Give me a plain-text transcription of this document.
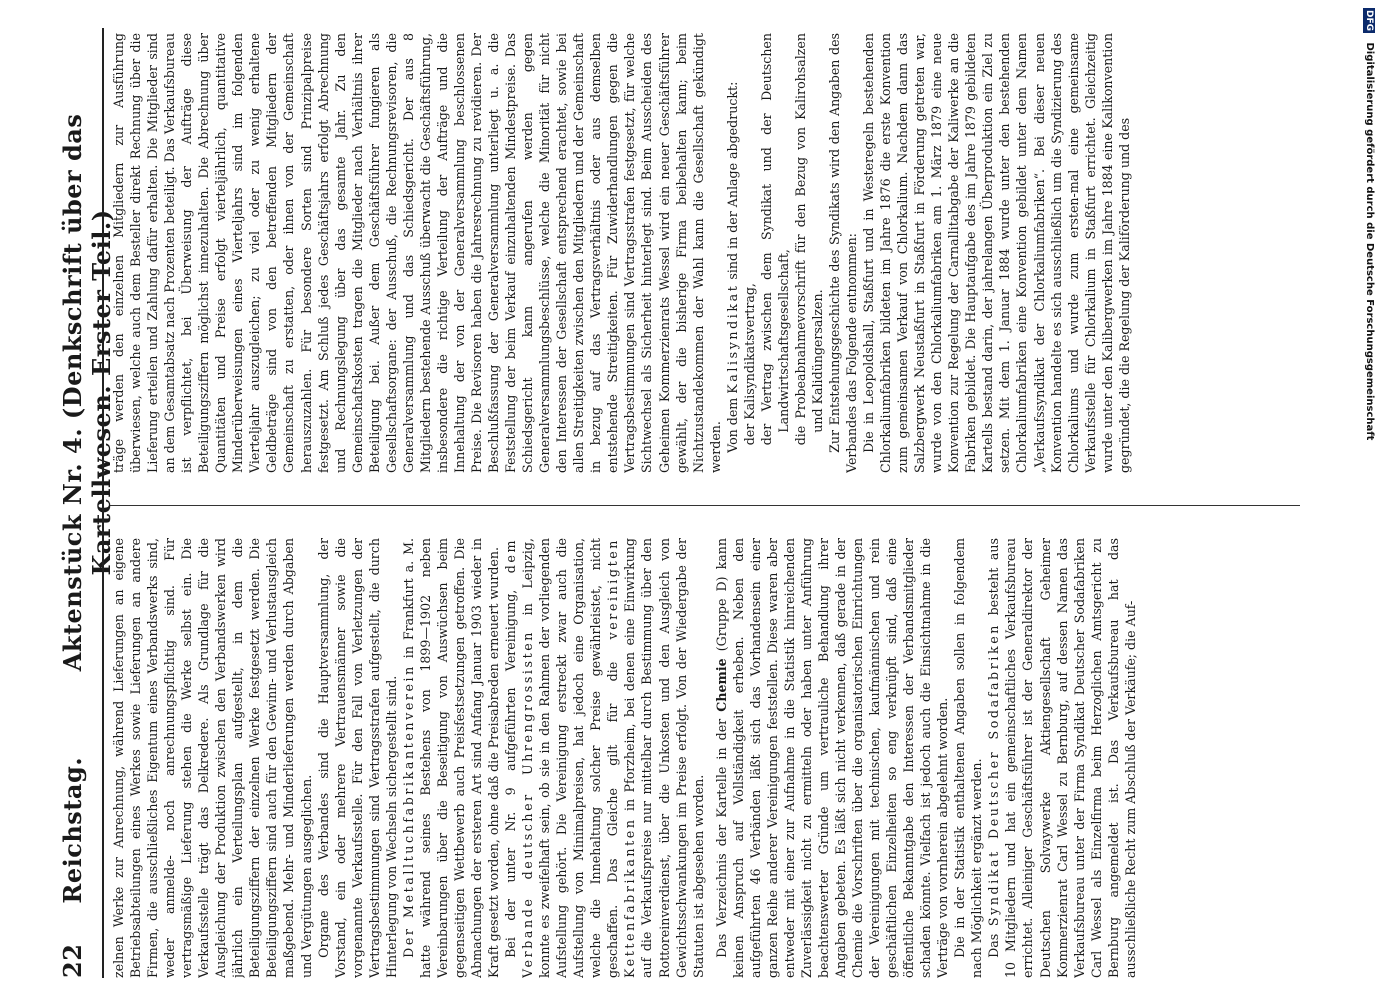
22
Reichstag.
Aktenstück Nr. 4. (Denkschrift über das Kartellwesen. Erster Teil.)

zelnen Werke zur Anrechnung, während Lieferungen an eigene Betriebsabteilungen eines Werkes sowie Lieferungen an andere Firmen, die ausschließliches Eigentum eines Verbandswerks sind, weder anmelde- noch anrechnungspflichtig sind. Für vertragsmäßige Lieferung stehen die Werke selbst ein. Die Verkaufsstelle trägt das Delkredere. Als Grundlage für die Ausgleichung der Produktion zwischen den Verbandswerken wird jährlich ein Verteilungsplan aufgestellt, in dem die Beteiligungsziffern der einzelnen Werke festgesetzt werden. Die Beteiligungsziffern sind auch für den Gewinn- und Verlustausgleich maßgebend. Mehr- und Minderlieferungen werden durch Abgaben und Vergütungen ausgeglichen. Organe des Verbandes sind die Hauptversammlung, der Vorstand, ein oder mehrere Vertrauensmänner sowie die vorgenannte Verkaufsstelle. Für den Fall von Verletzungen der Vertragsbestimmungen sind Vertragsstrafen aufgestellt, die durch Hinterlegung von Wechseln sichergestellt sind. Der Metalltuchfabrikantenverein in Frankfurt a. M. hatte während seines Bestehens von 1899—1902 neben Vereinbarungen über die Beseitigung von Auswüchsen beim gegenseitigen Wettbewerb auch Preisfestsetzungen getroffen. Die Abmachungen der ersteren Art sind Anfang Januar 1903 wieder in Kraft gesetzt worden, ohne daß die Preisabreden erneuert wurden. Bei der unter Nr. 9 aufgeführten Vereinigung, dem Verbande deutscher Uhrengrossisten in Leipzig, konnte es zweifelhaft sein, ob sie in den Rahmen der vorliegenden Aufstellung gehört. Die Vereinigung erstreckt zwar auch die Aufstellung von Minimalpreisen, hat jedoch eine Organisation, welche die Innehaltung solcher Preise gewährleistet, nicht geschaffen. Das Gleiche gilt für die vereinigten Kettenfabrikanten in Pforzheim, bei denen eine Einwirkung auf die Verkaufspreise nur mittelbar durch Bestimmung über den Rottoreinverdienst, über die Unkosten und den Ausgleich von Gewichtsschwankungen im Preise erfolgt. Von der Wiedergabe der Statuten ist abgesehen worden. Das Verzeichnis der Kartelle in der Chemie (Gruppe D) kann keinen Anspruch auf Vollständigkeit erheben. Neben den aufgeführten 46 Verbänden läßt sich das Vorhandensein einer ganzen Reihe anderer Vereinigungen feststellen. Diese waren aber entweder mit einer zur Aufnahme in die Statistik hinreichenden Zuverlässigkeit nicht zu ermitteln oder haben unter Anführung beachtenswerter Gründe um vertrauliche Behandlung ihrer Angaben gebeten. Es läßt sich nicht verkennen, daß gerade in der Chemie die Vorschriften über die organisatorischen Einrichtungen der Vereinigungen mit technischen, kaufmännischen und rein geschäftlichen Einzelheiten so eng verknüpft sind, daß eine öffentliche Bekanntgabe den Interessen der Verbandsmitglieder schaden könnte. Vielfach ist jedoch auch die Einsichtnahme in die Verträge von vornherein abgelehnt worden. Die in der Statistik enthaltenen Angaben sollen in folgendem nach Möglichkeit ergänzt werden. Das Syndikat Deutscher Sodafabriken besteht aus 10 Mitgliedern und hat ein gemeinschaftliches Verkaufsbureau errichtet. Alleiniger Geschäftsführer ist der Generaldirektor der Deutschen Solvaywerke Aktiengesellschaft Geheimer Kommerzienrat Carl Wessel zu Bernburg, auf dessen Namen das Verkaufsbureau unter der Firma Syndikat Deutscher Sodafabriken Carl Wessel als Einzelfirma beim Herzoglichen Amtsgericht zu Bernburg angemeldet ist. Das Verkaufsbureau hat das ausschließliche Recht zum Abschluß der Verkäufe; die Auf-

träge werden den einzelnen Mitgliedern zur Ausführung überwiesen, welche auch dem Besteller direkt Rechnung über die Lieferung erteilen und Zahlung dafür erhalten. Die Mitglieder sind an dem Gesamtabsatz nach Prozenten beteiligt. Das Verkaufsbureau ist verpflichtet, bei Überweisung der Aufträge diese Beteiligungsziffern möglichst innezuhalten. Die Abrechnung über Quantitäten und Preise erfolgt vierteljährlich, quantitative Minderüberweisungen eines Vierteljahrs sind im folgenden Vierteljahr auszugleichen; zu viel oder zu wenig erhaltene Geldbeträge sind von den betreffenden Mitgliedern der Gemeinschaft zu erstatten, oder ihnen von der Gemeinschaft herauszuzahlen. Für besondere Sorten sind Prinzipalpreise festgesetzt. Am Schluß jedes Geschäftsjahrs erfolgt Abrechnung und Rechnungslegung über das gesamte Jahr. Zu den Gemeinschaftskosten tragen die Mitglieder nach Verhältnis ihrer Beteiligung bei. Außer dem Geschäftsführer fungieren als Gesellschaftsorgane: der Ausschuß, die Rechnungsrevisoren, die Generalversammlung und das Schiedsgericht. Der aus 8 Mitgliedern bestehende Ausschuß überwacht die Geschäftsführung, insbesondere die richtige Verteilung der Aufträge und die Innehaltung der von der Generalversammlung beschlossenen Preise. Die Revisoren haben die Jahresrechnung zu revidieren. Der Beschlußfassung der Generalversammlung unterliegt u. a. die Feststellung der beim Verkauf einzuhaltenden Mindestpreise. Das Schiedsgericht kann angerufen werden gegen Generalversammlungsbeschlüsse, welche die Minorität für nicht den Interessen der Gesellschaft entsprechend erachtet, sowie bei allen Streitigkeiten zwischen den Mitgliedern und der Gemeinschaft in bezug auf das Vertragsverhältnis oder aus demselben entstehende Streitigkeiten. Für Zuwiderhandlungen gegen die Vertragsbestimmungen sind Vertragsstrafen festgesetzt, für welche Sichtwechsel als Sicherheit hinterlegt sind. Beim Ausscheiden des Geheimen Kommerzienrats Wessel wird ein neuer Geschäftsführer gewählt, der die bisherige Firma beibehalten kann; beim Nichtzustandekommen der Wahl kann die Gesellschaft gekündigt werden. Von dem Kalisyndikat sind in der Anlage abgedruckt:

der Kalisyndikatsvertrag, der Vertrag zwischen dem Syndikat und der Deutschen Landwirtschaftsgesellschaft, die Probeabnahmevorschrift für den Bezug von Kalirohsalzen und Kalidüngersalzen. Zur Entstehungsgeschichte des Syndikats wird den Angaben des Verbandes das Folgende entnommen: Die in Leopoldshall, Staßfurt und in Westeregeln bestehenden Chlorkaliumfabriken bildeten im Jahre 1876 die erste Konvention zum gemeinsamen Verkauf von Chlorkalium. Nachdem dann das Salzbergwerk Neustaßfurt in Staßfurt in Förderung getreten war, wurde von den Chlorkaliumfabriken am 1. März 1879 eine neue Konvention zur Regelung der Carnallitabgabe der Kaliwerke an die Fabriken gebildet. Die Hauptaufgabe des im Jahre 1879 gebildeten Kartells bestand darin, der jahrelangen Überproduktion ein Ziel zu setzen. Mit dem 1. Januar 1884 wurde unter den bestehenden Chlorkaliumfabriken eine Konvention gebildet unter dem Namen „Verkaufssyndikat der Chlorkaliumfabriken“. Bei dieser neuen Konvention handelte es sich ausschließlich um die Syndizierung des Chlorkaliums und wurde zum ersten-mal eine gemeinsame Verkaufsstelle für Chlorkalium in Staßfurt errichtet. Gleichzeitig wurde unter den Kalibergwerken im Jahre 1884 eine Kalikonvention gegründet, die die Regelung der Kaliförderung und des

DFG Digitalisierung gefördert durch die Deutsche Forschungsgemeinschaft
